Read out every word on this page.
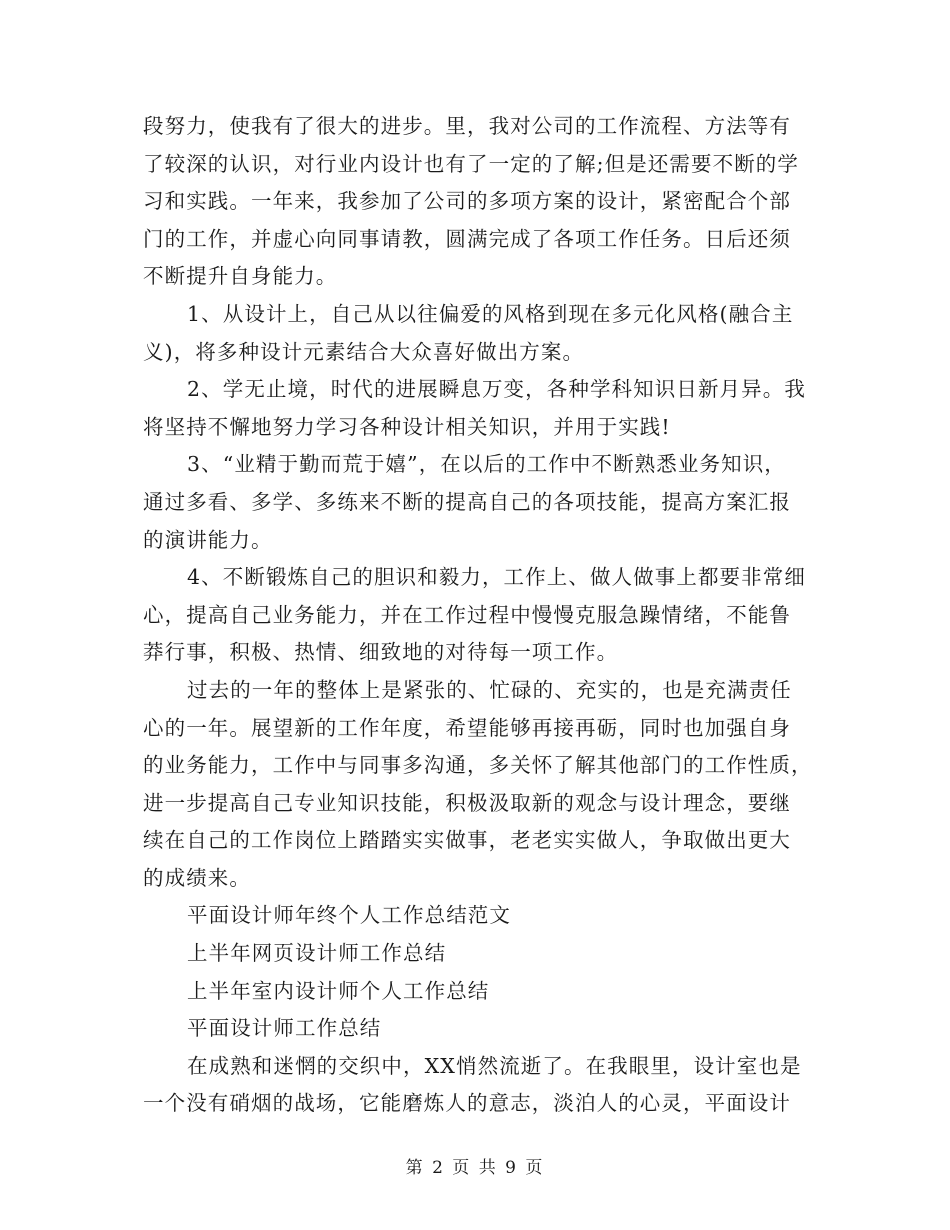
段努力，使我有了很大的进步。里，我对公司的工作流程、方法等有
了较深的认识，对行业内设计也有了一定的了解;但是还需要不断的学
习和实践。一年来，我参加了公司的多项方案的设计，紧密配合个部
门的工作，并虚心向同事请教，圆满完成了各项工作任务。日后还须
不断提升自身能力。
1、从设计上，自己从以往偏爱的风格到现在多元化风格(融合主
义)，将多种设计元素结合大众喜好做出方案。
2、学无止境，时代的进展瞬息万变，各种学科知识日新月异。我
将坚持不懈地努力学习各种设计相关知识，并用于实践!
3、“业精于勤而荒于嬉”，在以后的工作中不断熟悉业务知识，
通过多看、多学、多练来不断的提高自己的各项技能，提高方案汇报
的演讲能力。
4、不断锻炼自己的胆识和毅力，工作上、做人做事上都要非常细
心，提高自己业务能力，并在工作过程中慢慢克服急躁情绪，不能鲁
莽行事，积极、热情、细致地的对待每一项工作。
过去的一年的整体上是紧张的、忙碌的、充实的，也是充满责任
心的一年。展望新的工作年度，希望能够再接再砺，同时也加强自身
的业务能力，工作中与同事多沟通，多关怀了解其他部门的工作性质，
进一步提高自己专业知识技能，积极汲取新的观念与设计理念，要继
续在自己的工作岗位上踏踏实实做事，老老实实做人，争取做出更大
的成绩来。
平面设计师年终个人工作总结范文
上半年网页设计师工作总结
上半年室内设计师个人工作总结
平面设计师工作总结
在成熟和迷惘的交织中，XX悄然流逝了。在我眼里，设计室也是
一个没有硝烟的战场，它能磨炼人的意志，淡泊人的心灵，平面设计
第 2 页 共 9 页
